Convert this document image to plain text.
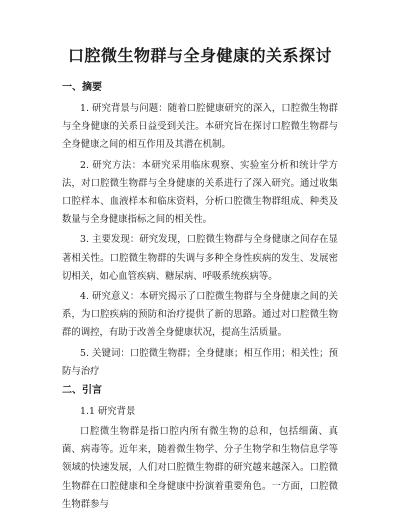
口腔微生物群与全身健康的关系探讨
一、摘要

1. 研究背景与问题：随着口腔健康研究的深入，口腔微生物群与全身健康的关系日益受到关注。本研究旨在探讨口腔微生物群与全身健康之间的相互作用及其潜在机制。

2. 研究方法：本研究采用临床观察、实验室分析和统计学方法，对口腔微生物群与全身健康的关系进行了深入研究。通过收集口腔样本、血液样本和临床资料，分析口腔微生物群组成、种类及数量与全身健康指标之间的相关性。

3. 主要发现：研究发现，口腔微生物群与全身健康之间存在显著相关性。口腔微生物群的失调与多种全身性疾病的发生、发展密切相关，如心血管疾病、糖尿病、呼吸系统疾病等。

4. 研究意义：本研究揭示了口腔微生物群与全身健康之间的关系，为口腔疾病的预防和治疗提供了新的思路。通过对口腔微生物群的调控，有助于改善全身健康状况，提高生活质量。

5. 关键词：口腔微生物群；全身健康；相互作用；相关性；预防与治疗

二、引言
1.1 研究背景

口腔微生物群是指口腔内所有微生物的总和，包括细菌、真菌、病毒等。近年来，随着微生物学、分子生物学和生物信息学等领域的快速发展，人们对口腔微生物群的研究越来越深入。口腔微生物群在口腔健康和全身健康中扮演着重要角色。一方面，口腔微生物群参与
